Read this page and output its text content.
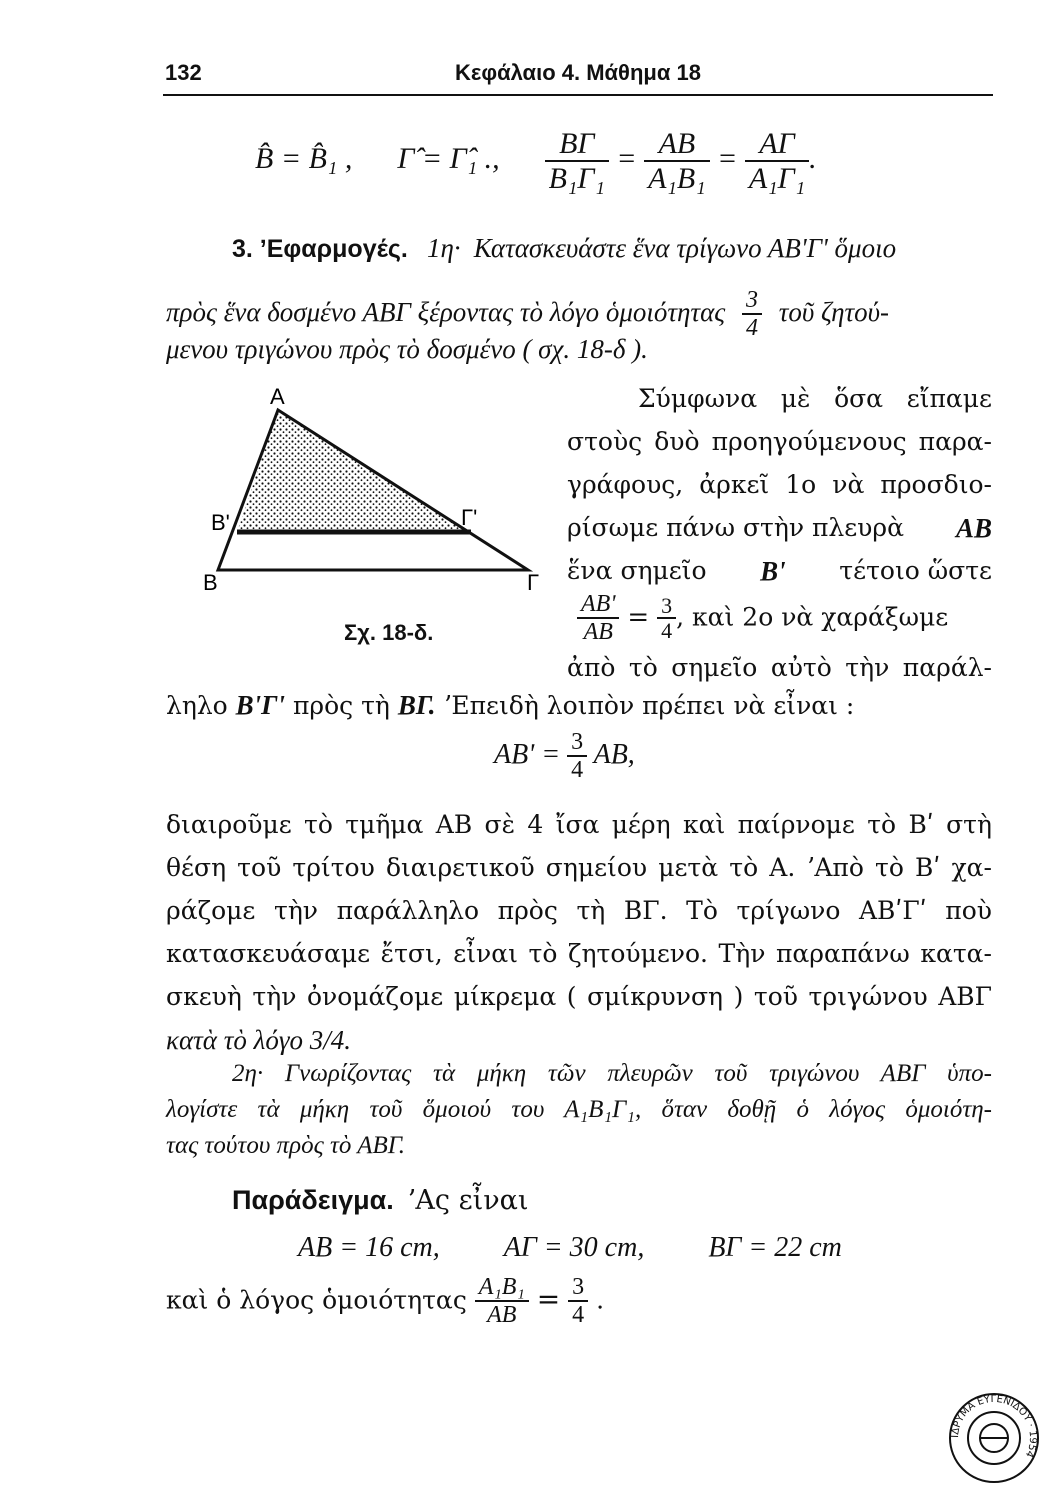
132	Κεφάλαιο 4. Μάθημα 18
B̂ = B̂₁ , Γ̂ = Γ̂₁ ., $\frac{B\Gamma}{\text{Β₁Γ₁}} = \frac{AB}{\text{Α₁Β₁}} = \frac{A\Gamma}{\text{Α₁Γ₁}}$ .
3. ʼΕφαρμογές. 1η· Κατασκευάστε ἕνα τρίγωνο ΑΒʹΓʹ ὅμοιο
πρὸς ἕνα δοσμένο ΑΒΓ ξέροντας τὸ λόγο ὁμοιότητας $\frac{3}{4}$ τοῦ ζητού-
μενου τριγώνου πρὸς τὸ δοσμένο ( σχ. 18-δ ).
Α
Βʹ	Γʹ
Β	Γ
Σχ. 18-δ.
Σύμφωνα μὲ ὅσα εἴπαμε
στοὺς δυὸ προηγούμενους παρα-
γράφους, ἀρκεῖ 1ο νὰ προσδιο-
ρίσωμε πάνω στὴν πλευρὰ ΑΒ
ἕνα σημεῖο Βʹ τέτοιο ὥστε
$\frac{\text{ΑΒʹ}}{AB} = \frac{3}{4}$ , καὶ 2ο νὰ χαράξωμε
ἀπὸ τὸ σημεῖο αὐτὸ τὴν παράλ-
ληλο ΒʹΓʹ πρὸς τὴ ΒΓ. ʼΕπειδὴ λοιπὸν πρέπει νὰ εἶναι :
ΑΒʹ = $\frac{3}{4} AB$,
διαιροῦμε τὸ τμῆμα ΑΒ σὲ 4 ἴσα μέρη καὶ παίρνομε τὸ Βʹ στὴ
θέση τοῦ τρίτου διαιρετικοῦ σημείου μετὰ τὸ Α. ʼΑπὸ τὸ Βʹ χα-
ράζομε τὴν παράλληλο πρὸς τὴ ΒΓ. Τὸ τρίγωνο ΑΒʹΓʹ ποὺ
κατασκευάσαμε ἔτσι, εἶναι τὸ ζητούμενο. Τὴν παραπάνω κατα-
σκευὴ τὴν ὀνομάζομε μίκρεμα ( σμίκρυνση ) τοῦ τριγώνου ΑΒΓ
κατὰ τὸ λόγο 3/4.
2η· Γνωρίζοντας τὰ μήκη τῶν πλευρῶν τοῦ τριγώνου ΑΒΓ ὑπο-
λογίστε τὰ μήκη τοῦ ὅμοιού του Α₁Β₁Γ₁, ὅταν δοθῇ ὁ λόγος ὁμοιότη-
τας τούτου πρὸς τὸ ΑΒΓ.
Παράδειγμα. ʼΑς εἶναι
ΑΒ = 16 cm, ΑΓ = 30 cm, ΒΓ = 22 cm
καὶ ὁ λόγος ὁμοιότητας $\frac{\text{Α₁Β₁}}{AB} = \frac{3}{4}$ .
ΙΔΡΥΜΑ ΕΥΓΕΝΙΔΟΥ · 1954
